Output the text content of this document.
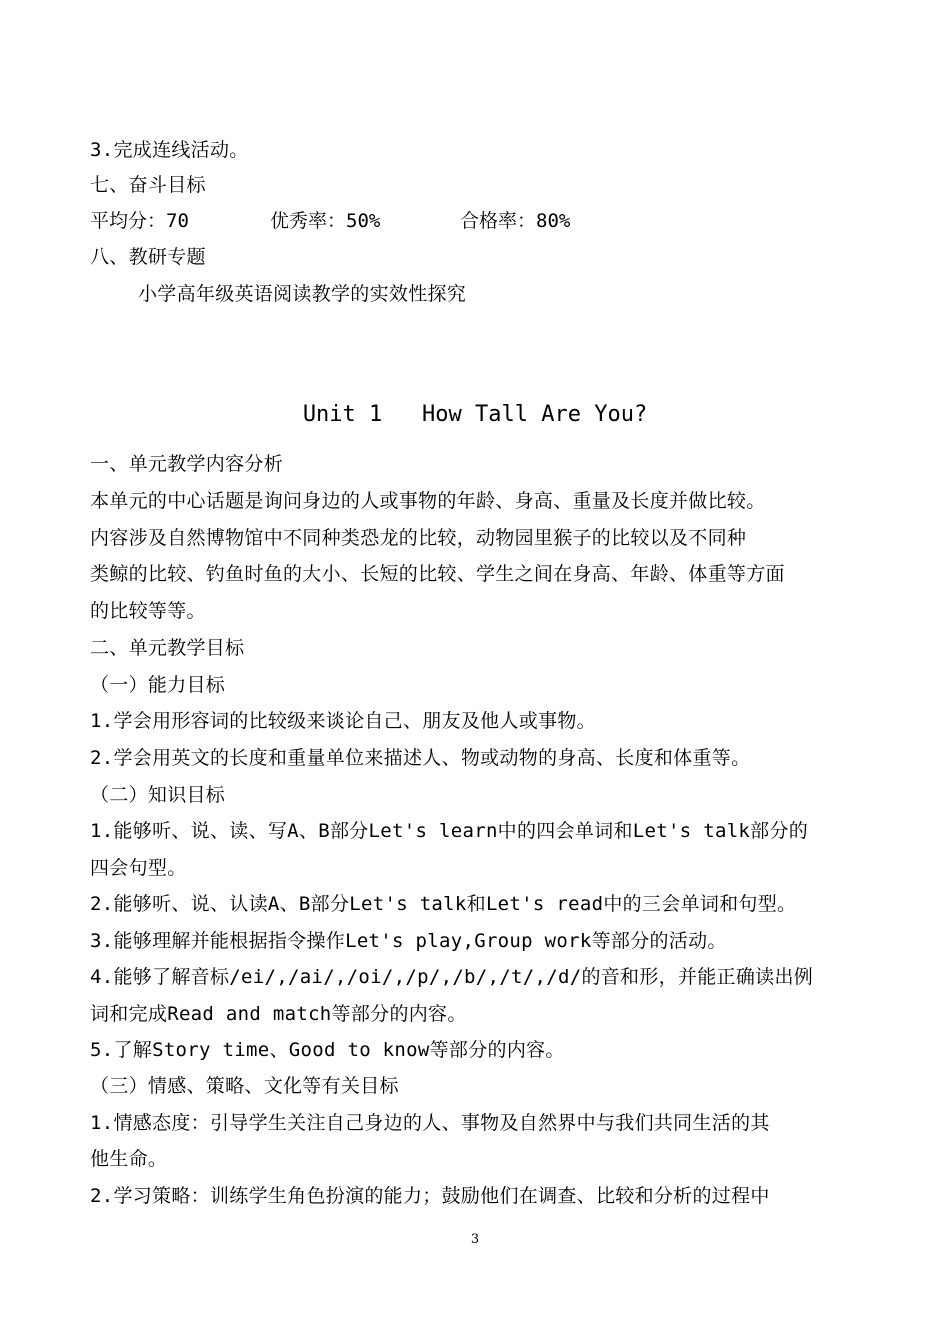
3.完成连线活动。
七、奋斗目标
平均分：70	优秀率：50%	合格率：80%
八、教研专题
小学高年级英语阅读教学的实效性探究
Unit 1   How Tall Are You?
一、单元教学内容分析
本单元的中心话题是询问身边的人或事物的年龄、身高、重量及长度并做比较。
内容涉及自然博物馆中不同种类恐龙的比较，动物园里猴子的比较以及不同种
类鲸的比较、钓鱼时鱼的大小、长短的比较、学生之间在身高、年龄、体重等方面
的比较等等。
二、单元教学目标
（一）能力目标
1.学会用形容词的比较级来谈论自己、朋友及他人或事物。
2.学会用英文的长度和重量单位来描述人、物或动物的身高、长度和体重等。
（二）知识目标
1.能够听、说、读、写A、B部分Let's learn中的四会单词和Let's talk部分的
四会句型。
2.能够听、说、认读A、B部分Let's talk和Let's read中的三会单词和句型。
3.能够理解并能根据指令操作Let's play,Group work等部分的活动。
4.能够了解音标/ei/,/ai/,/oi/,/p/,/b/,/t/,/d/的音和形，并能正确读出例
词和完成Read and match等部分的内容。
5.了解Story time、Good to know等部分的内容。
（三）情感、策略、文化等有关目标
1.情感态度：引导学生关注自己身边的人、事物及自然界中与我们共同生活的其
他生命。
2.学习策略：训练学生角色扮演的能力；鼓励他们在调查、比较和分析的过程中
3
